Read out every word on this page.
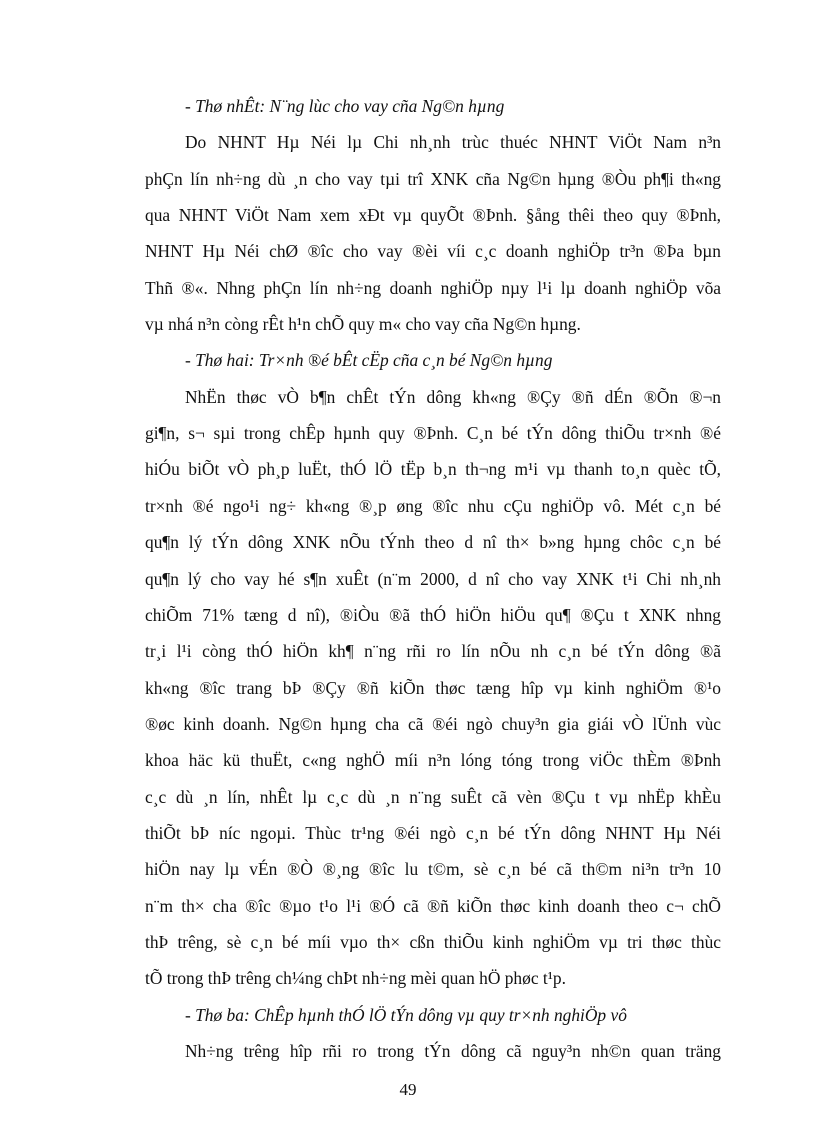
- Thø nhÊt: N¨ng lùc cho vay cña Ng©n hµng
Do NHNT Hµ Néi lµ Chi nh¸nh trùc thuéc NHNT ViÖt Nam n³n
phÇn lín nh÷ng dù ¸n cho vay tµi trî XNK cña Ng©n hµng ®Òu ph¶i th«ng
qua NHNT ViÖt Nam xem xÐt vµ quyÕt ®Þnh. §ång thêi theo quy ®Þnh,
NHNT Hµ Néi chØ ®îc cho vay ®èi víi c¸c doanh nghiÖp tr³n ®Þa bµn
Thñ ®«. Nhng phÇn lín nh÷ng doanh nghiÖp nµy l¹i lµ doanh nghiÖp võa
vµ nhá n³n còng rÊt h¹n chÕ quy m« cho vay cña Ng©n hµng.
- Thø hai: Tr×nh ®é bÊt cËp cña c¸n bé Ng©n hµng
NhËn thøc vÒ b¶n chÊt tÝn dông kh«ng ®Çy ®ñ dÉn ®Õn ®¬n
gi¶n, s¬ sµi trong chÊp hµnh quy ®Þnh. C¸n bé tÝn dông thiÕu tr×nh ®é
hiÓu biÕt vÒ ph¸p luËt, thÓ lÖ tËp b¸n th¬ng m¹i vµ thanh to¸n quèc tÕ,
tr×nh ®é ngo¹i ng÷ kh«ng ®¸p øng ®îc nhu cÇu nghiÖp vô. Mét c¸n bé
qu¶n lý tÝn dông XNK nÕu tÝnh theo d nî th× b»ng hµng chôc c¸n bé
qu¶n lý cho vay hé s¶n xuÊt (n¨m 2000, d nî cho vay XNK t¹i Chi nh¸nh
chiÕm 71% tæng d nî), ®iÒu ®ã thÓ hiÖn hiÖu qu¶ ®Çu t XNK nhng
tr¸i l¹i còng thÓ hiÖn kh¶ n¨ng rñi ro lín nÕu nh c¸n bé tÝn dông ®ã
kh«ng ®îc trang bÞ ®Çy ®ñ kiÕn thøc tæng hîp vµ kinh nghiÖm ®¹o
®øc kinh doanh. Ng©n hµng cha cã ®éi ngò chuy³n gia giái vÒ lÜnh vùc
khoa häc kü thuËt, c«ng nghÖ míi n³n lóng tóng trong viÖc thÈm ®Þnh
c¸c dù ¸n lín, nhÊt lµ c¸c dù ¸n n¨ng suÊt cã vèn ®Çu t vµ nhËp khÈu
thiÕt bÞ níc ngoµi. Thùc tr¹ng ®éi ngò c¸n bé tÝn dông NHNT Hµ Néi
hiÖn nay lµ vÉn ®Ò ®¸ng ®îc lu t©m, sè c¸n bé cã th©m ni³n tr³n 10
n¨m th× cha ®îc ®µo t¹o l¹i ®Ó cã ®ñ kiÕn thøc kinh doanh theo c¬ chÕ
thÞ trêng, sè c¸n bé míi vµo th× cßn thiÕu kinh nghiÖm vµ tri thøc thùc
tÕ trong thÞ trêng ch¼ng chÞt nh÷ng mèi quan hÖ phøc t¹p.
- Thø ba: ChÊp hµnh thÓ lÖ tÝn dông vµ quy tr×nh nghiÖp vô
Nh÷ng trêng hîp rñi ro trong tÝn dông cã nguy³n nh©n quan träng
49
